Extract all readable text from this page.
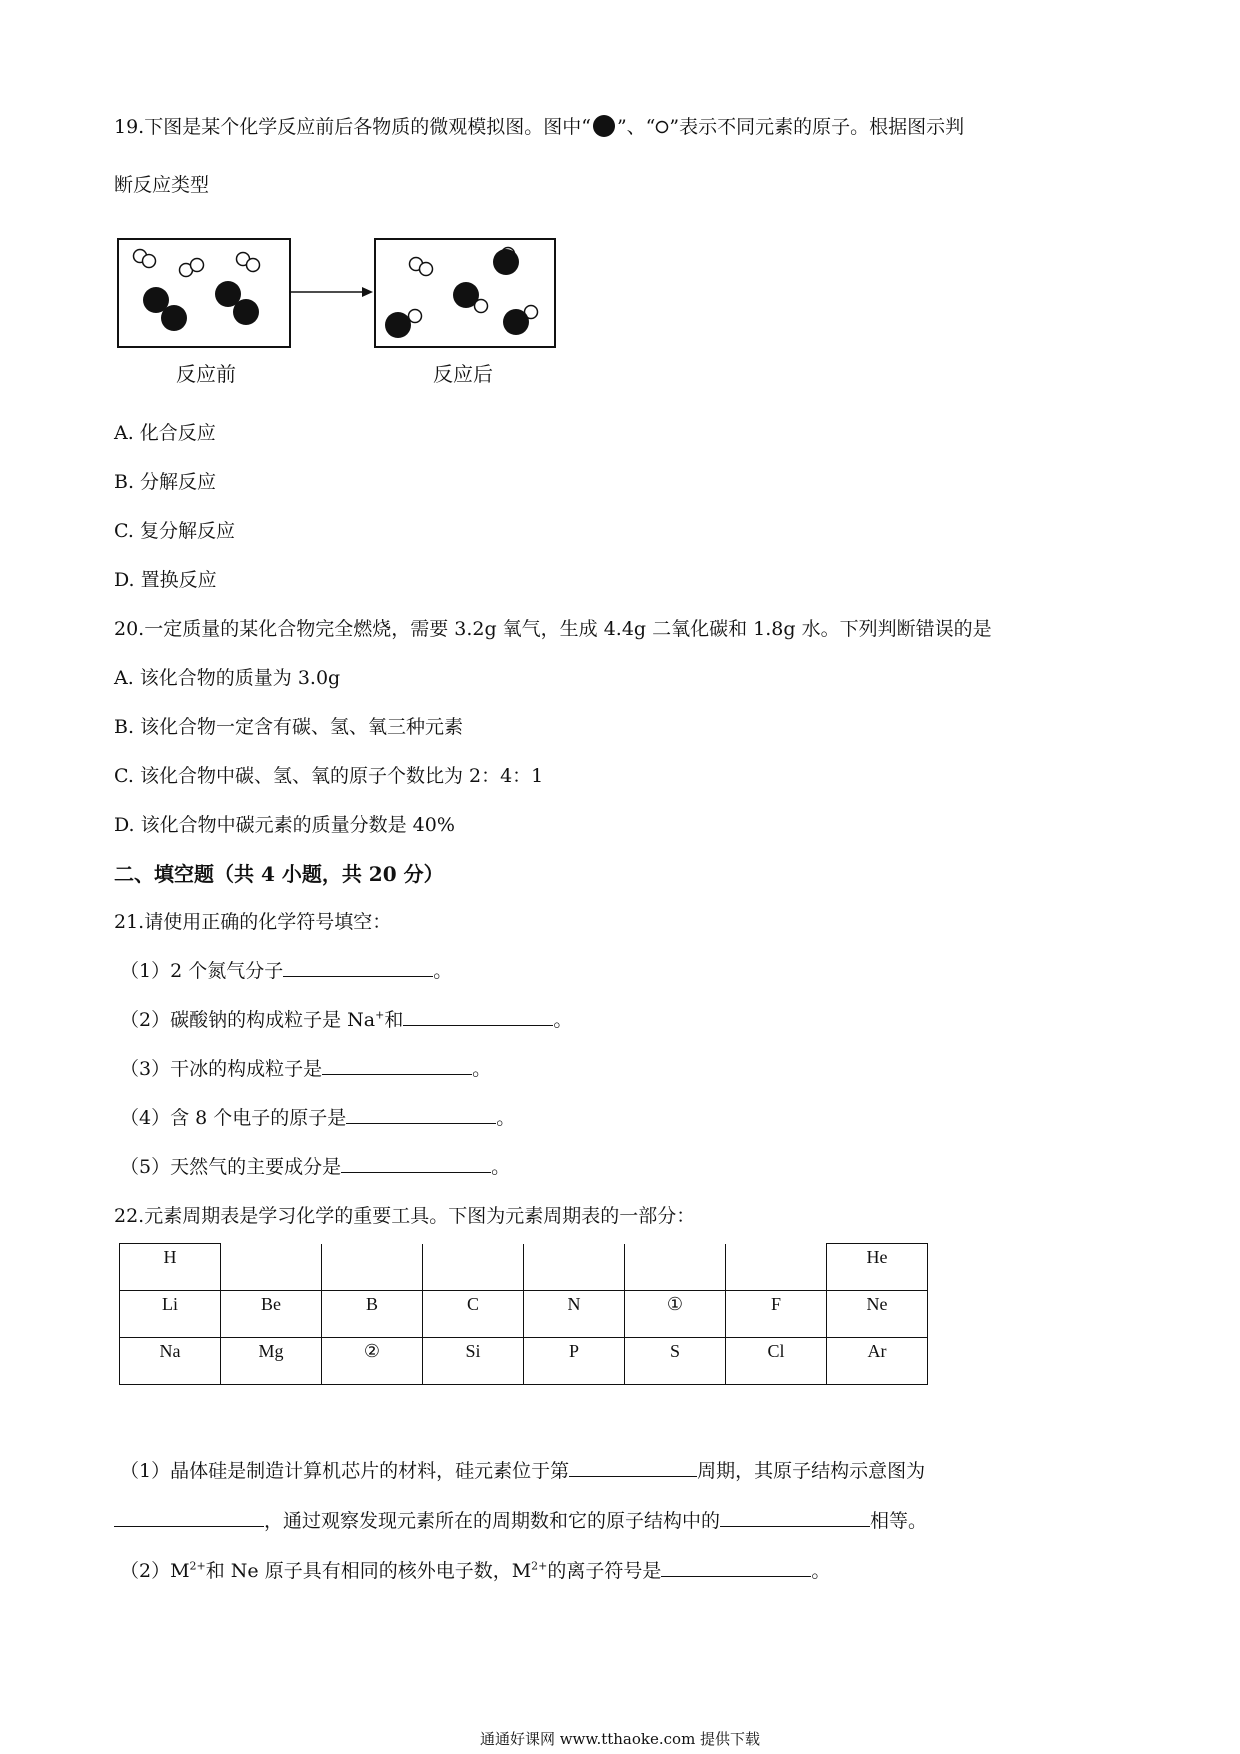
19.下图是某个化学反应前后各物质的微观模拟图。图中“ ”、“ ”表示不同元素的原子。根据图示判
断反应类型
反应前	反应后
A. 化合反应
B. 分解反应
C. 复分解反应
D. 置换反应
20.一定质量的某化合物完全燃烧，需要 3.2g 氧气，生成 4.4g 二氧化碳和 1.8g 水。下列判断错误的是
A. 该化合物的质量为 3.0g
B. 该化合物一定含有碳、氢、氧三种元素
C. 该化合物中碳、氢、氧的原子个数比为 2：4：1
D. 该化合物中碳元素的质量分数是 40%
二、填空题（共 4 小题，共 20 分）
21.请使用正确的化学符号填空：
（1）2 个氮气分子	。
（2）碳酸钠的构成粒子是 Na+和	。
（3）干冰的构成粒子是	。
（4）含 8 个电子的原子是	。
（5）天然气的主要成分是	。
22.元素周期表是学习化学的重要工具。下图为元素周期表的一部分：
H							He
Li	Be	B	C	N	①	F	Ne
Na	Mg	②	Si	P	S	Cl	Ar
（1）晶体硅是制造计算机芯片的材料，硅元素位于第	周期，其原子结构示意图为
，通过观察发现元素所在的周期数和它的原子结构中的	相等。
$(2)M^{2+}$和 Ne 原子具有相同的核外电子数，$M^{2+}$的离子符号是	。
通通好课网 www.tthaoke.com 提供下载
